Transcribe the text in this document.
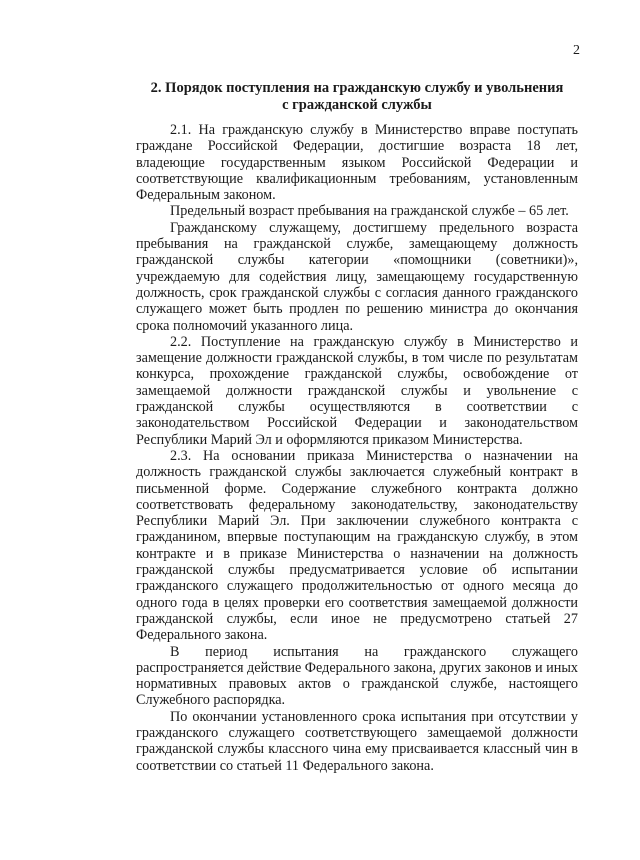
2
2. Порядок поступления на гражданскую службу и увольнения
с гражданской службы

2.1. На гражданскую службу в Министерство вправе поступать граждане Российской Федерации, достигшие возраста 18 лет, владеющие государственным языком Российской Федерации и соответствующие квалификационным требованиям, установленным Федеральным законом.

Предельный возраст пребывания на гражданской службе – 65 лет.

Гражданскому служащему, достигшему предельного возраста пребывания на гражданской службе, замещающему должность гражданской службы категории «помощники (советники)», учреждаемую для содействия лицу, замещающему государственную должность, срок гражданской службы с согласия данного гражданского служащего может быть продлен по решению министра до окончания срока полномочий указанного лица.

2.2. Поступление на гражданскую службу в Министерство и замещение должности гражданской службы, в том числе по результатам конкурса, прохождение гражданской службы, освобождение от замещаемой должности гражданской службы и увольнение с гражданской службы осуществляются в соответствии с законодательством Российской Федерации и законодательством Республики Марий Эл и оформляются приказом Министерства.

2.3. На основании приказа Министерства о назначении на должность гражданской службы заключается служебный контракт в письменной форме. Содержание служебного контракта должно соответствовать федеральному законодательству, законодательству Республики Марий Эл. При заключении служебного контракта с гражданином, впервые поступающим на гражданскую службу, в этом контракте и в приказе Министерства о назначении на должность гражданской службы предусматривается условие об испытании гражданского служащего продолжительностью от одного месяца до одного года в целях проверки его соответствия замещаемой должности гражданской службы, если иное не предусмотрено статьей 27 Федерального закона.

В период испытания на гражданского служащего распространяется действие Федерального закона, других законов и иных нормативных правовых актов о гражданской службе, настоящего Служебного распорядка.

По окончании установленного срока испытания при отсутствии у гражданского служащего соответствующего замещаемой должности гражданской службы классного чина ему присваивается классный чин в соответствии со статьей 11 Федерального закона.
